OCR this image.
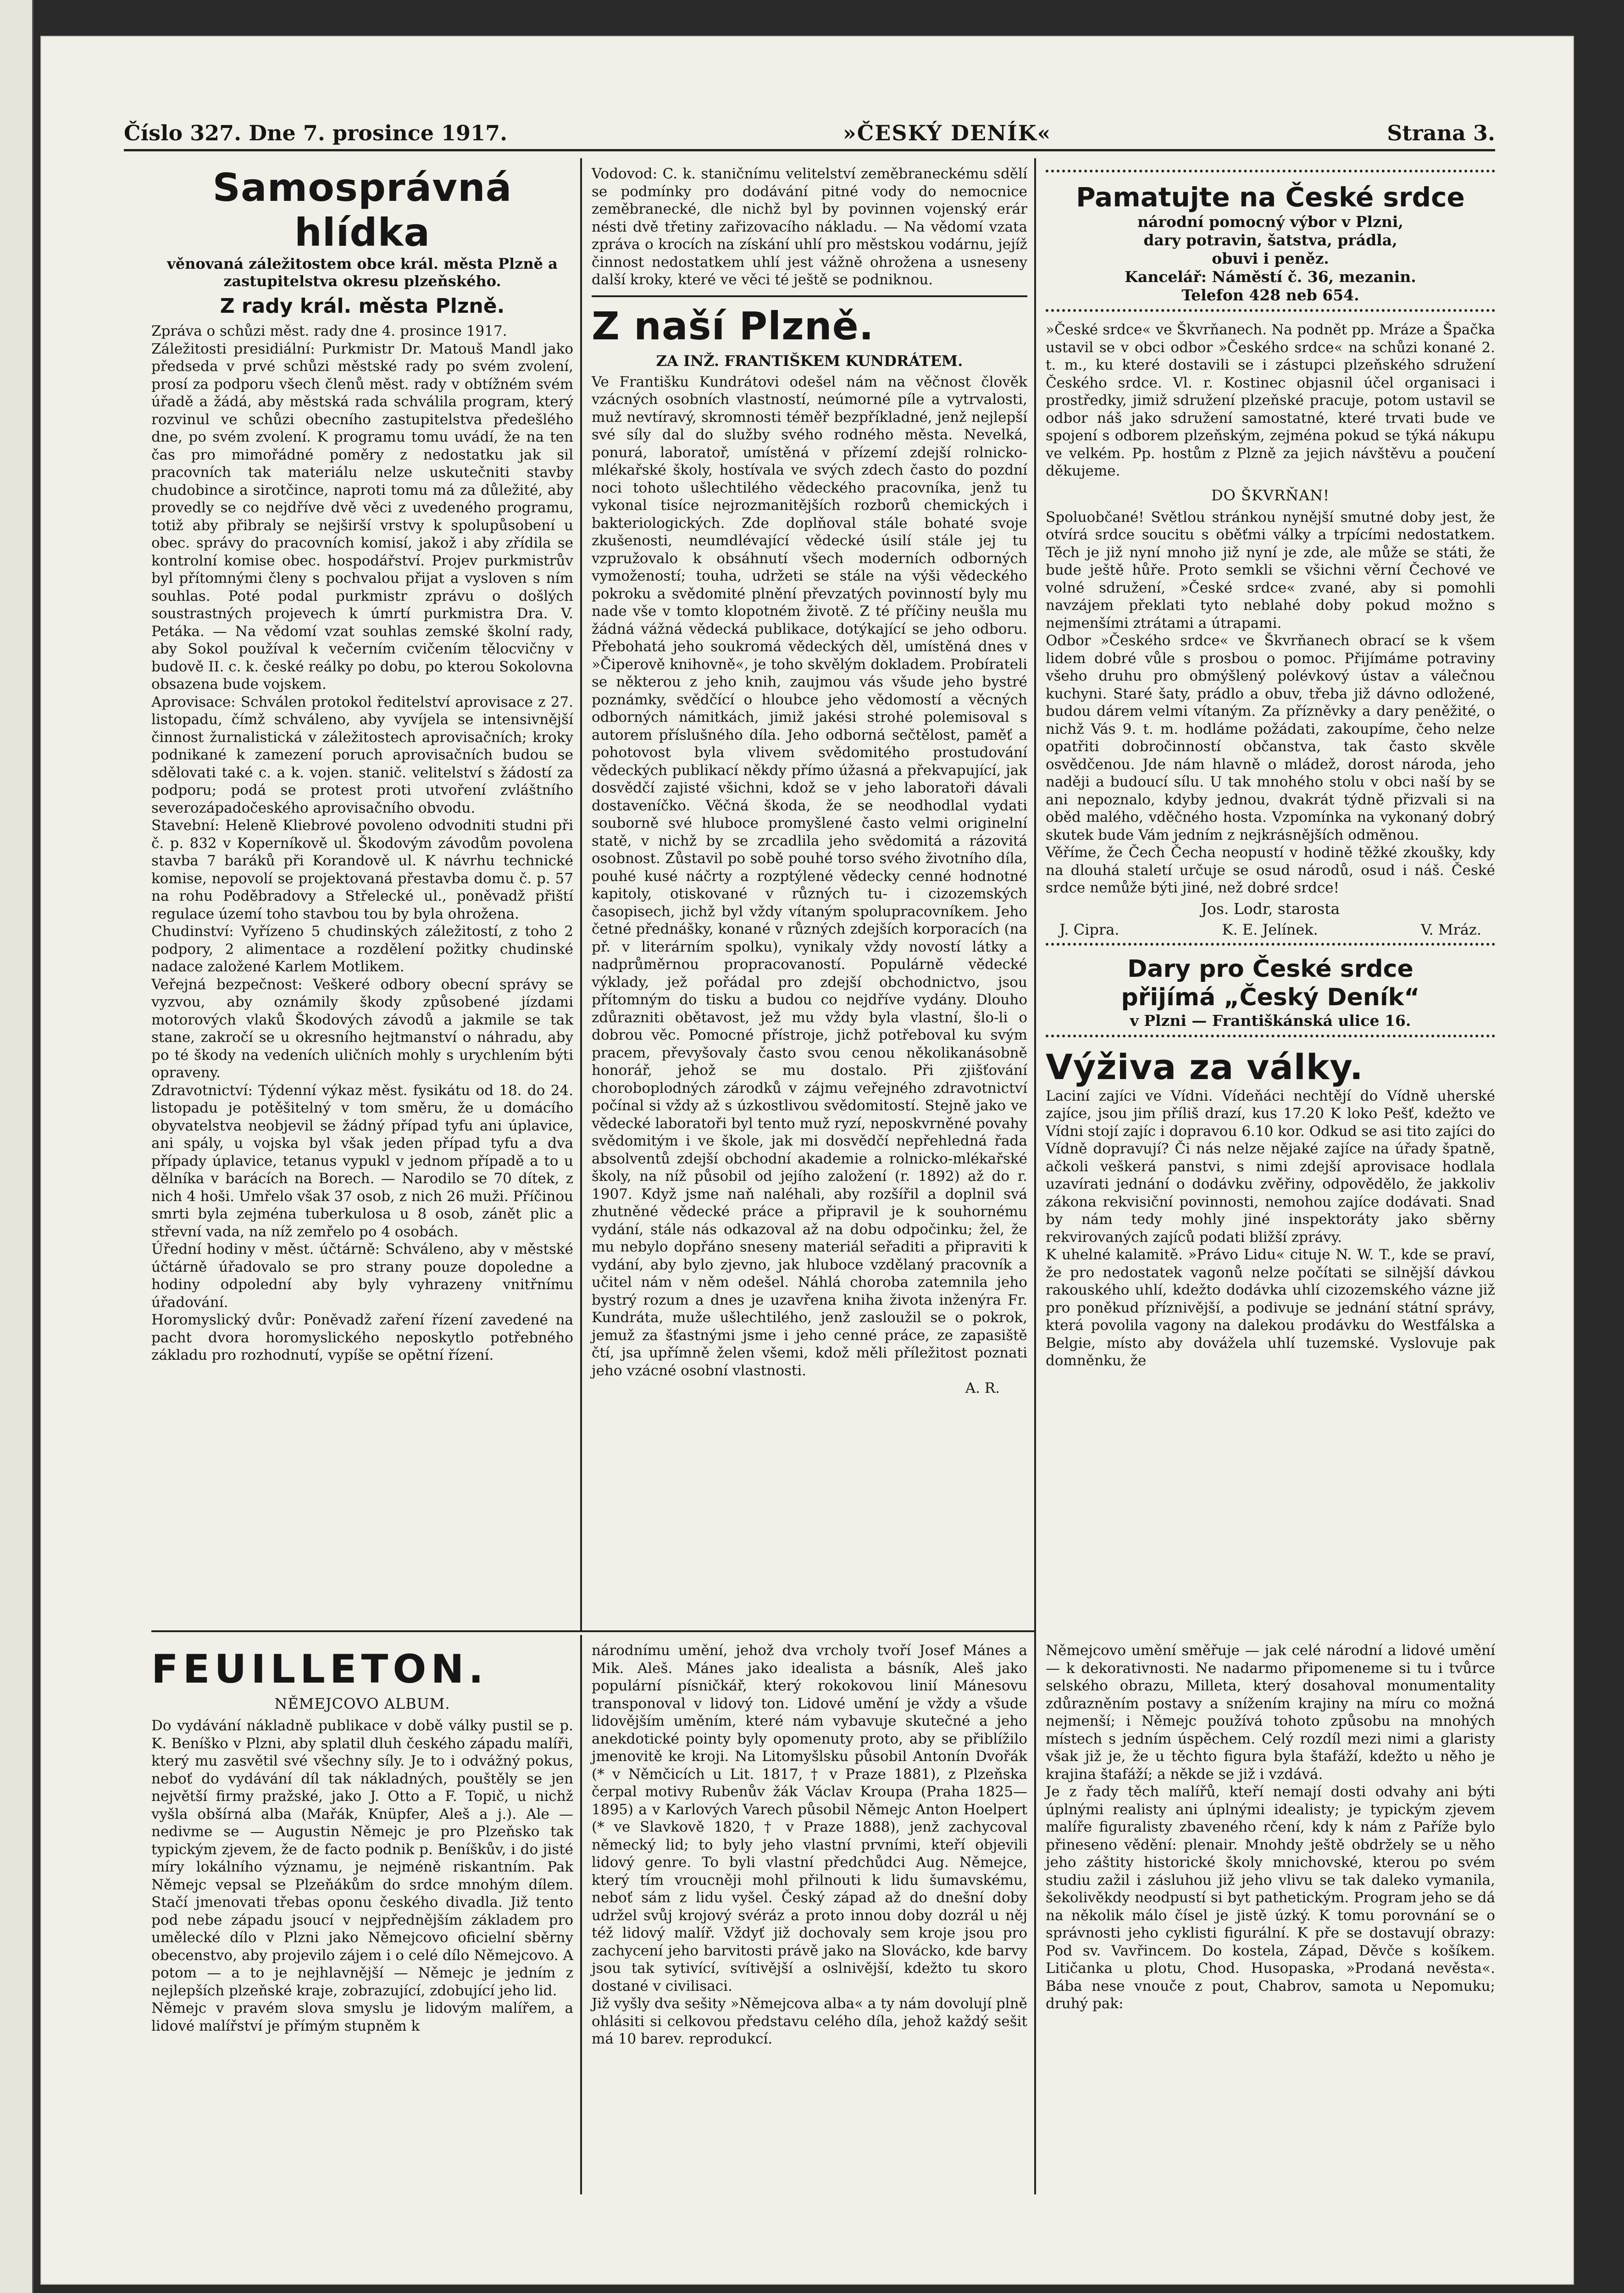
Číslo 327. Dne 7. prosince 1917.	»ČESKÝ DENÍK«	Strana 3.
Samosprávná hlídka

věnovaná záležitostem obce král. města Plzně a zastupitelstva okresu plzeňského.

Z rady král. města Plzně.

Zpráva o schůzi měst. rady dne 4. prosince 1917.
Záležitosti presidiální: Purkmistr Dr. Matouš Mandl jako předseda v prvé schůzi městské rady po svém zvolení, prosí za podporu všech členů měst. rady v obtížném svém úřadě a žádá, aby městská rada schválila program, který rozvinul ve schůzi obecního zastupitelstva předešlého dne, po svém zvolení. K programu tomu uvádí, že na ten čas pro mimořádné poměry z nedostatku jak sil pracovních tak materiálu nelze uskutečniti stavby chudobince a sirotčince, naproti tomu má za důležité, aby provedly se co nejdříve dvě věci z uvedeného programu, totiž aby přibraly se nejširší vrstvy k spolupůsobení u obec. správy do pracovních komisí, jakož i aby zřídila se kontrolní komise obec. hospodářství. Projev purkmistrův byl přítomnými členy s pochvalou přijat a vysloven s ním souhlas. Poté podal purkmistr zprávu o došlých soustrastných projevech k úmrtí purkmistra Dra. V. Petáka. — Na vědomí vzat souhlas zemské školní rady, aby Sokol používal k večerním cvičením tělocvičny v budově II. c. k. české reálky po dobu, po kterou Sokolovna obsazena bude vojskem.
Aprovisace: Schválen protokol ředitelství aprovisace z 27. listopadu, čímž schváleno, aby vyvíjela se intensivnější činnost žurnalistická v záležitostech aprovisačních; kroky podnikané k zamezení poruch aprovisačních budou se sdělovati také c. a k. vojen. stanič. velitelství s žádostí za podporu; podá se protest proti utvoření zvláštního severozápadočeského aprovisačního obvodu.
Stavební: Heleně Kliebrové povoleno odvodniti studni při č. p. 832 v Koperníkově ul. Škodovým závodům povolena stavba 7 baráků při Korandově ul. K návrhu technické komise, nepovolí se projektovaná přestavba domu č. p. 57 na rohu Poděbradovy a Střelecké ul., poněvadž přiští regulace území toho stavbou tou by byla ohrožena.
Chudinství: Vyřízeno 5 chudinských záležitostí, z toho 2 podpory, 2 alimentace a rozdělení požitky chudinské nadace založené Karlem Motlikem.
Veřejná bezpečnost: Veškeré odbory obecní správy se vyzvou, aby oznámily škody způsobené jízdami motorových vlaků Škodových závodů a jakmile se tak stane, zakročí se u okresního hejtmanství o náhradu, aby po té škody na vedeních uličních mohly s urychlením býti opraveny.
Zdravotnictví: Týdenní výkaz měst. fysikátu od 18. do 24. listopadu je potěšitelný v tom směru, že u domácího obyvatelstva neobjevil se žádný případ tyfu ani úplavice, ani spály, u vojska byl však jeden případ tyfu a dva případy úplavice, tetanus vypukl v jednom případě a to u dělníka v barácích na Borech. — Narodilo se 70 dítek, z nich 4 hoši. Umřelo však 37 osob, z nich 26 muži. Příčinou smrti byla zejména tuberkulosa u 8 osob, zánět plic a střevní vada, na níž zemřelo po 4 osobách.
Úřední hodiny v měst. účtárně: Schváleno, aby v městské účtárně úřadovalo se pro strany pouze dopoledne a hodiny odpolední aby byly vyhrazeny vnitřnímu úřadování.
Horomyslický dvůr: Poněvadž zaření řízení zavedené na pacht dvora horomyslického neposkytlo potřebného základu pro rozhodnutí, vypíše se opětní řízení.

Vodovod: C. k. staničnímu velitelství zeměbraneckému sdělí se podmínky pro dodávání pitné vody do nemocnice zeměbranecké, dle nichž byl by povinnen vojenský erár nésti dvě třetiny zařizovacího nákladu. — Na vědomí vzata zpráva o krocích na získání uhlí pro městskou vodárnu, jejíž činnost nedostatkem uhlí jest vážně ohrožena a usneseny další kroky, které ve věci té ještě se podniknou.

Z naší Plzně.

ZA INŽ. FRANTIŠKEM KUNDRÁTEM.

Ve Františku Kundrátovi odešel nám na věčnost člověk vzácných osobních vlastností, neúmorné píle a vytrvalosti, muž nevtíravý, skromnosti téměř bezpříkladné, jenž nejlepší své síly dal do služby svého rodného města. Nevelká, ponurá, laboratoř, umístěná v přízemí zdejší rolnicko-mlékařské školy, hostívala ve svých zdech často do pozdní noci tohoto ušlechtilého vědeckého pracovníka, jenž tu vykonal tisíce nejrozmanitějších rozborů chemických i bakteriologických. Zde doplňoval stále bohaté svoje zkušenosti, neumdlévající vědecké úsilí stále jej tu vzpružovalo k obsáhnutí všech moderních odborných vymožeností; touha, udržeti se stále na výši vědeckého pokroku a svědomité plnění převzatých povinností byly mu nade vše v tomto klopotném životě. Z té příčiny neušla mu žádná vážná vědecká publikace, dotýkající se jeho odboru. Přebohatá jeho soukromá vědeckých děl, umístěná dnes v »Čiperově knihovně«, je toho skvělým dokladem. Probírateli se některou z jeho knih, zaujmou vás všude jeho bystré poznámky, svědčící o hloubce jeho vědomostí a věcných odborných námitkách, jimiž jakési strohé polemisoval s autorem příslušného díla. Jeho odborná sečtělost, paměť a pohotovost byla vlivem svědomitého prostudování vědeckých publikací někdy přímo úžasná a překvapující, jak dosvědčí zajisté všichni, kdož se v jeho laboratoři dávali dostaveníčko. Věčná škoda, že se neodhodlal vydati souborně své hluboce promyšlené často velmi originelní statě, v nichž by se zrcadlila jeho svědomitá a rázovitá osobnost. Zůstavil po sobě pouhé torso svého životního díla, pouhé kusé náčrty a rozptýlené vědecky cenné hodnotné kapitoly, otiskované v různých tu- i cizozemských časopisech, jichž byl vždy vítaným spolupracovníkem. Jeho četné přednášky, konané v různých zdejších korporacích (na př. v literárním spolku), vynikaly vždy novostí látky a nadprůměrnou propracovaností. Populárně vědecké výklady, jež pořádal pro zdejší obchodnictvo, jsou přítomným do tisku a budou co nejdříve vydány. Dlouho zdůrazniti obětavost, jež mu vždy byla vlastní, šlo-li o dobrou věc. Pomocné přístroje, jichž potřeboval ku svým pracem, převyšovaly často svou cenou několikanásobně honorář, jehož se mu dostalo. Při zjišťování choroboplodných zárodků v zájmu veřejného zdravotnictví počínal si vždy až s úzkostlivou svědomitostí. Stejně jako ve vědecké laboratoři byl tento muž ryzí, neposkvrněné povahy svědomitým i ve škole, jak mi dosvědčí nepřehledná řada absolventů zdejší obchodní akademie a rolnicko-mlékařské školy, na níž působil od jejího založení (r. 1892) až do r. 1907. Když jsme naň naléhali, aby rozšířil a doplnil svá zhutněné vědecké práce a připravil je k souhornému vydání, stále nás odkazoval až na dobu odpočinku; žel, že mu nebylo dopřáno sneseny materiál seřaditi a připraviti k vydání, aby bylo zjevno, jak hluboce vzdělaný pracovník a učitel nám v něm odešel. Náhlá choroba zatemnila jeho bystrý rozum a dnes je uzavřena kniha života inženýra Fr. Kundráta, muže ušlechtilého, jenž zasloužil se o pokrok, jemuž za šťastnými jsme i jeho cenné práce, ze zapasiště čtí, jsa upřímně želen všemi, kdož měli příležitost poznati jeho vzácné osobní vlastnosti.

A. R.

Pamatujte na České srdce

národní pomocný výbor v Plzni,
dary potravin, šatstva, prádla,
obuvi i peněz.
Kancelář: Náměstí č. 36, mezanin.
Telefon 428 neb 654.

»České srdce« ve Škvrňanech. Na podnět pp. Mráze a Špačka ustavil se v obci odbor »Českého srdce« na schůzi konané 2. t. m., ku které dostavili se i zástupci plzeňského sdružení Českého srdce. Vl. r. Kostinec objasnil účel organisaci i prostředky, jimiž sdružení plzeňské pracuje, potom ustavil se odbor náš jako sdružení samostatné, které trvati bude ve spojení s odborem plzeňským, zejména pokud se týká nákupu ve velkém. Pp. hostům z Plzně za jejich návštěvu a poučení děkujeme.

DO ŠKVRŇAN!

Spoluobčané! Světlou stránkou nynější smutné doby jest, že otvírá srdce soucitu s oběťmi války a trpícími nedostatkem. Těch je již nyní mnoho již nyní je zde, ale může se státi, že bude ještě hůře. Proto semkli se všichni věrní Čechové ve volné sdružení, »České srdce« zvané, aby si pomohli navzájem překlati tyto neblahé doby pokud možno s nejmenšími ztrátami a útrapami.
Odbor »Českého srdce« ve Škvrňanech obrací se k všem lidem dobré vůle s prosbou o pomoc. Přijímáme potraviny všeho druhu pro obmýšlený polévkový ústav a válečnou kuchyni. Staré šaty, prádlo a obuv, třeba již dávno odložené, budou dárem velmi vítaným. Za přízněvky a dary peněžité, o nichž Vás 9. t. m. hodláme požádati, zakoupíme, čeho nelze opatřiti dobročinností občanstva, tak často skvěle osvědčenou. Jde nám hlavně o mládež, dorost národa, jeho naději a budoucí sílu. U tak mnohého stolu v obci naší by se ani nepoznalo, kdyby jednou, dvakrát týdně přizvali si na oběd malého, vděčného hosta. Vzpomínka na vykonaný dobrý skutek bude Vám jedním z nejkrásnějších odměnou.
Věříme, že Čech Čecha neopustí v hodině těžké zkoušky, kdy na dlouhá staletí určuje se osud národů, osud i náš. České srdce nemůže býti jiné, než dobré srdce!

Jos. Lodr, starosta

J. Cipra.	K. E. Jelínek.	V. Mráz.

Dary pro České srdce
přijímá „Český Deník“

v Plzni — Františkánská ulice 16.

Výživa za války.

Laciní zajíci ve Vídni. Vídeňáci nechtějí do Vídně uherské zajíce, jsou jim příliš drazí, kus 17.20 K loko Pešť, kdežto ve Vídni stojí zajíc i dopravou 6.10 kor. Odkud se asi tito zajíci do Vídně dopravují? Či nás nelze nějaké zajíce na úřady špatně, ačkoli veškerá panstvi, s nimi zdejší aprovisace hodlala uzavírati jednání o dodávku zvěřiny, odpovědělo, že jakkoliv zákona rekvisiční povinnosti, nemohou zajíce dodávati. Snad by nám tedy mohly jiné inspektoráty jako sběrny rekvirovaných zajíců podati bližší zprávy.
K uhelné kalamitě. »Právo Lidu« cituje N. W. T., kde se praví, že pro nedostatek vagonů nelze počítati se silnější dávkou rakouského uhlí, kdežto dodávka uhlí cizozemského vázne již pro poněkud příznivější, a podivuje se jednání státní správy, která povolila vagony na dalekou prodávku do Westfálska a Belgie, místo aby dovážela uhlí tuzemské. Vyslovuje pak domněnku, že

FEUILLETON.

NĚMEJCOVO ALBUM.

Do vydávání nákladně publikace v době války pustil se p. K. Beníško v Plzni, aby splatil dluh českého západu malíři, který mu zasvětil své všechny síly. Je to i odvážný pokus, neboť do vydávání díl tak nákladných, pouštěly se jen největší firmy pražské, jako J. Otto a F. Topič, u nichž vyšla obšírná alba (Mařák, Knüpfer, Aleš a j.). Ale — nedivme se — Augustin Němejc je pro Plzeňsko tak typickým zjevem, že de facto podnik p. Beníškův, i do jisté míry lokálního významu, je nejméně riskantním. Pak Němejc vepsal se Plzeňákům do srdce mnohým dílem. Stačí jmenovati třebas oponu českého divadla. Již tento pod nebe západu jsoucí v nejpřednějším základem pro umělecké dílo v Plzni jako Němejcovo oficielní sběrny obecenstvo, aby projevilo zájem i o celé dílo Němejcovo. A potom — a to je nejhlavnější — Němejc je jedním z nejlepších plzeňské kraje, zobrazující, zdobující jeho lid.
Němejc v pravém slova smyslu je lidovým malířem, a lidové malířství je přímým stupněm k

národnímu umění, jehož dva vrcholy tvoří Josef Mánes a Mik. Aleš. Mánes jako idealista a básník, Aleš jako populární písničkář, který rokokovou linií Mánesovu transponoval v lidový ton. Lidové umění je vždy a všude lidovějším uměním, které nám vybavuje skutečné a jeho anekdotické pointy byly opomenuty proto, aby se přiblížilo jmenovitě ke kroji. Na Litomyšlsku působil Antonín Dvořák (* v Němčicích u Lit. 1817, † v Praze 1881), z Plzeňska čerpal motivy Rubenův žák Václav Kroupa (Praha 1825—1895) a v Karlových Varech působil Němejc Anton Hoelpert (* ve Slavkově 1820, † v Praze 1888), jenž zachycoval německý lid; to byly jeho vlastní prvními, kteří objevili lidový genre. To byli vlastní předchůdci Aug. Němejce, který tím vroucněji mohl přilnouti k lidu šumavskému, neboť sám z lidu vyšel. Český západ až do dnešní doby udržel svůj krojový svéráz a proto innou doby dozrál u něj též lidový malíř. Vždyť již dochovaly sem kroje jsou pro zachycení jeho barvitosti právě jako na Slovácko, kde barvy jsou tak sytivící, svítivější a oslnivější, kdežto tu skoro dostané v civilisaci.
Již vyšly dva sešity »Němejcova alba« a ty nám dovolují plně ohlásiti si celkovou představu celého díla, jehož každý sešit má 10 barev. reprodukcí.

Němejcovo umění směřuje — jak celé národní a lidové umění — k dekorativnosti. Ne nadarmo připomeneme si tu i tvůrce selského obrazu, Milleta, který dosahoval monumentality zdůrazněním postavy a snížením krajiny na míru co možná nejmenší; i Němejc používá tohoto způsobu na mnohých místech s jedním úspěchem. Celý rozdíl mezi nimi a glaristy však již je, že u těchto figura byla štafáží, kdežto u něho je krajina štafáží; a někde se již i vzdává.
Je z řady těch malířů, kteří nemají dosti odvahy ani býti úplnými realisty ani úplnými idealisty; je typickým zjevem malíře figuralisty zbaveného rčení, kdy k nám z Paříže bylo přineseno vědění: plenair. Mnohdy ještě obdržely se u něho jeho záštity historické školy mnichovské, kterou po svém studiu zažil i zásluhou již jeho vlivu se tak daleko vymanila, šekolivěkdy neodpustí si byt pathetickým. Program jeho se dá na několik málo čísel je jistě úzký. K tomu porovnání se o správnosti jeho cyklisti figurální. K pře se dostavují obrazy: Pod sv. Vavřincem. Do kostela, Západ, Děvče s košíkem. Litičanka u plotu, Chod. Husopaska, »Prodaná nevěsta«. Bába nese vnouče z pout, Chabrov, samota u Nepomuku; druhý pak:
